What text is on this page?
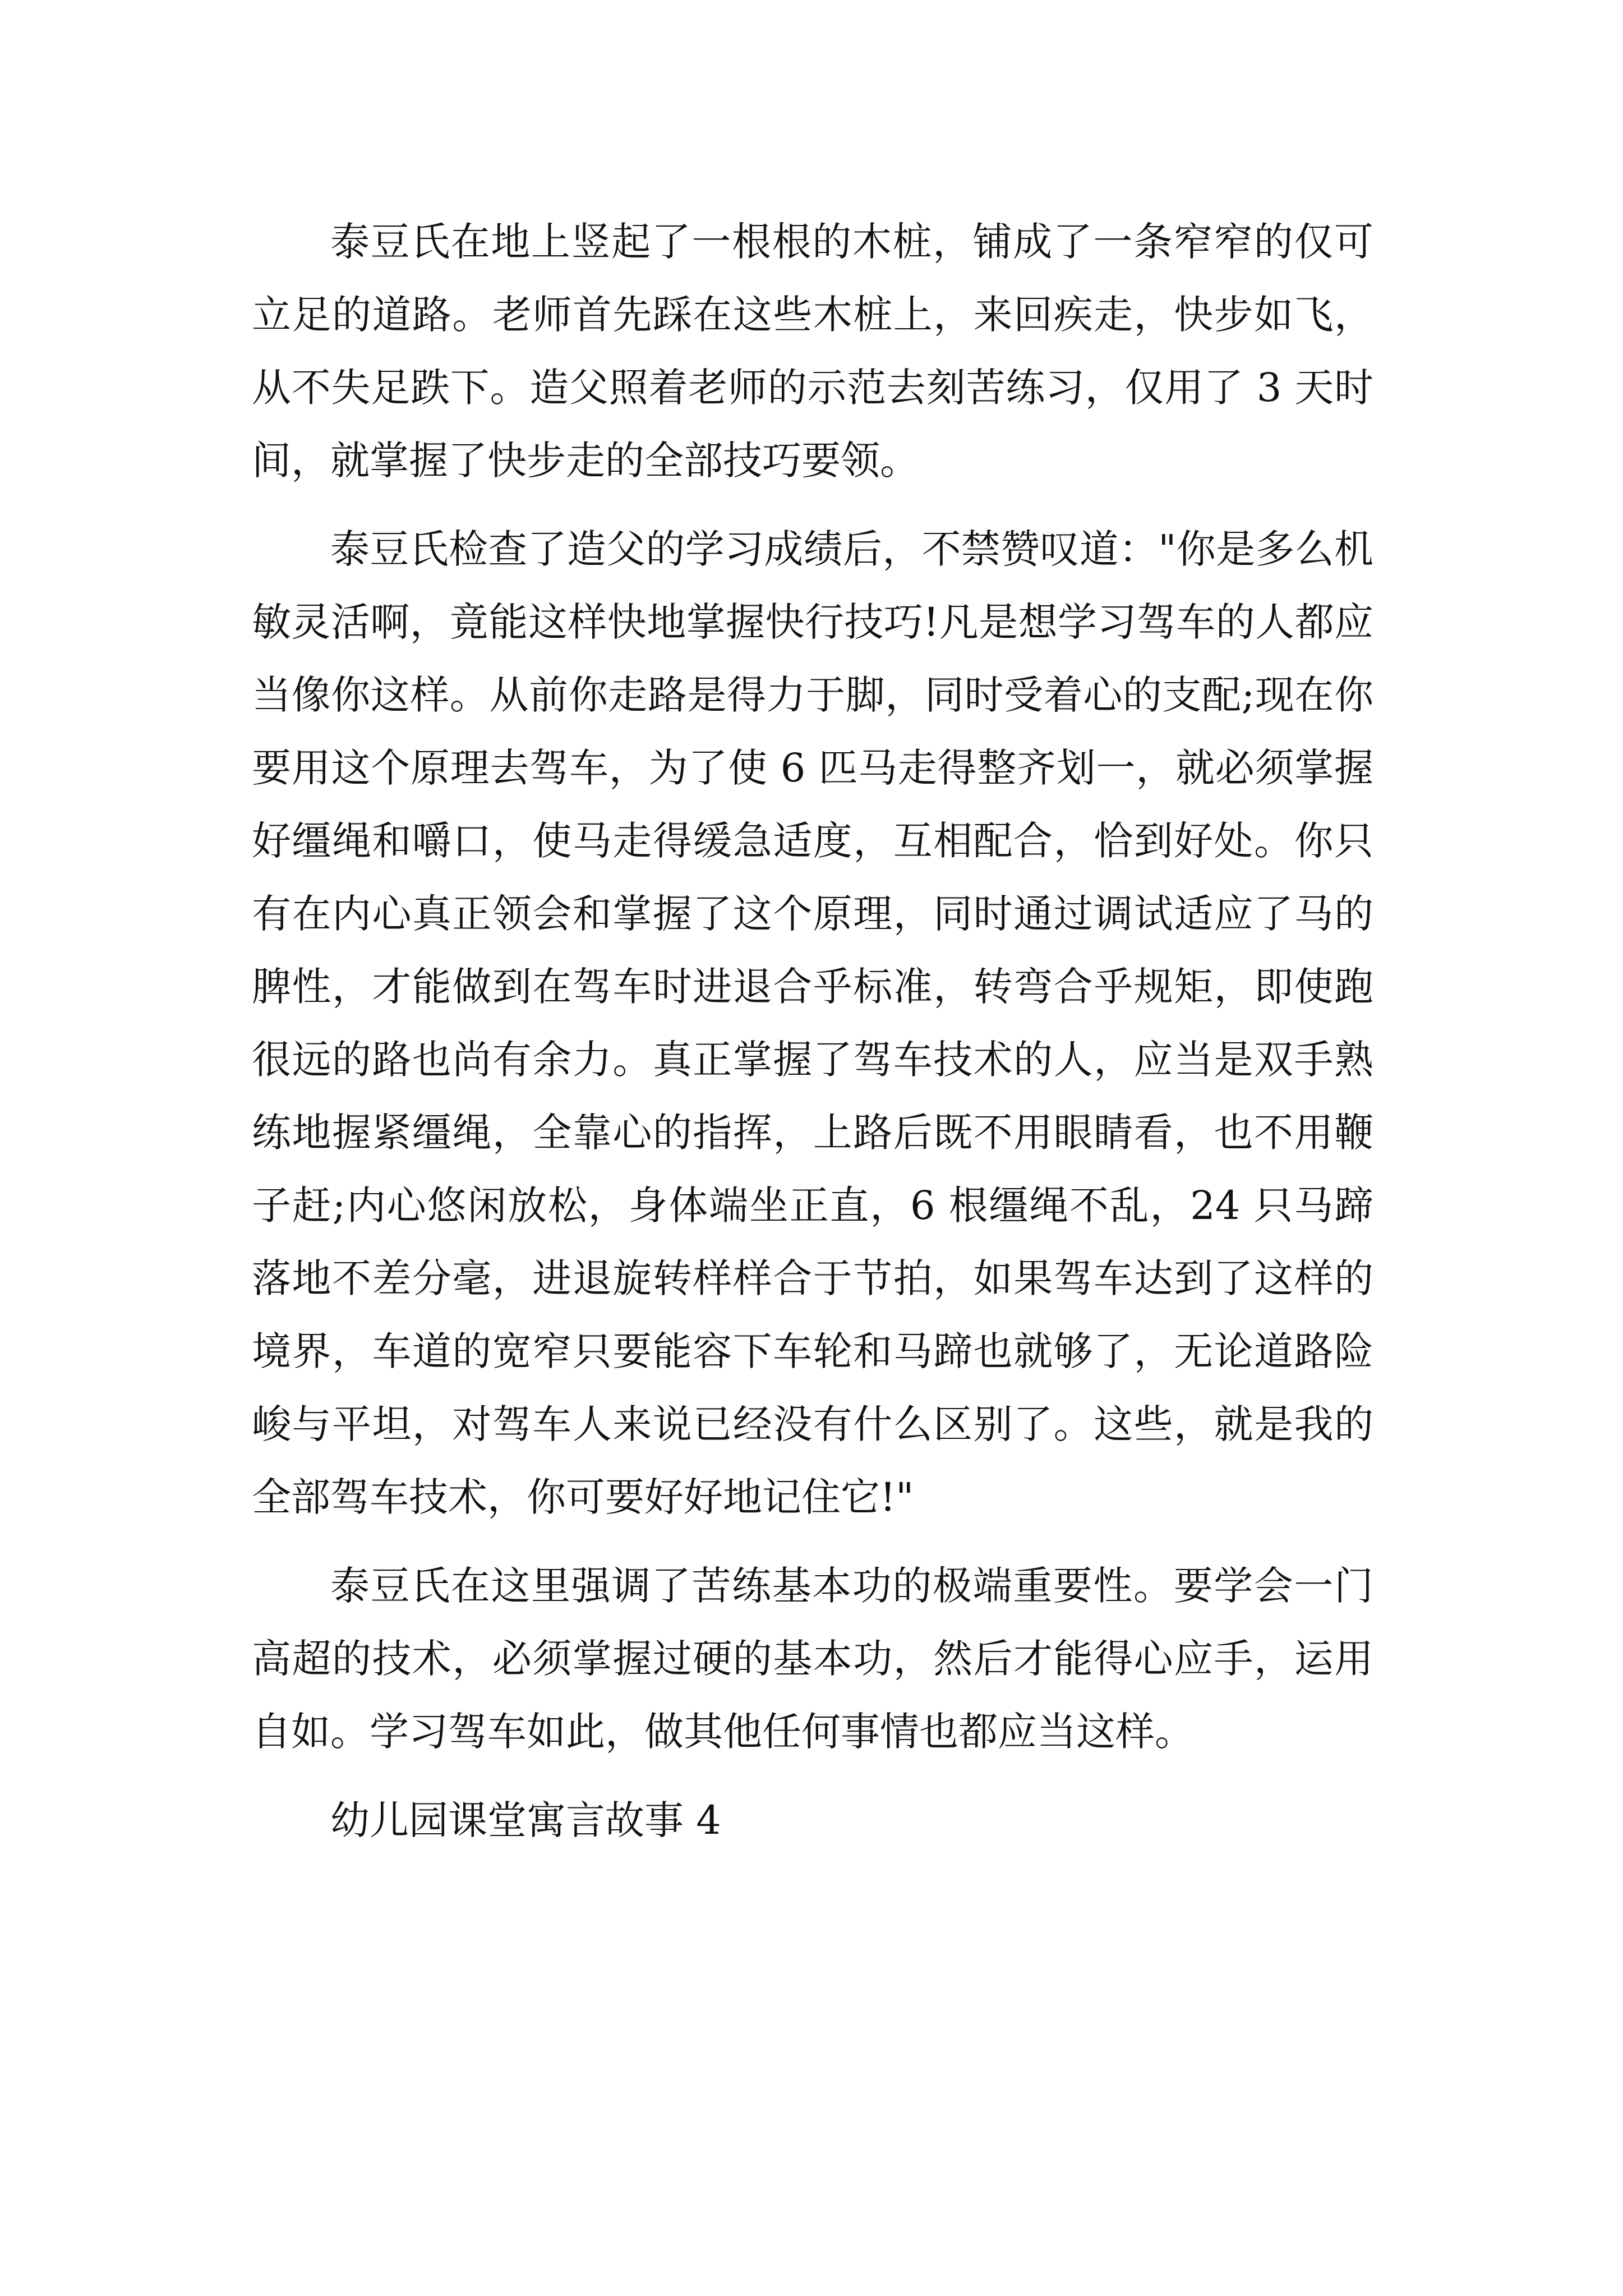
泰豆氏在地上竖起了一根根的木桩，铺成了一条窄窄的仅可立足的道路。老师首先踩在这些木桩上，来回疾走，快步如飞，从不失足跌下。造父照着老师的示范去刻苦练习，仅用了 3 天时间，就掌握了快步走的全部技巧要领。

泰豆氏检查了造父的学习成绩后，不禁赞叹道："你是多么机敏灵活啊，竟能这样快地掌握快行技巧!凡是想学习驾车的人都应当像你这样。从前你走路是得力于脚，同时受着心的支配;现在你要用这个原理去驾车，为了使 6 匹马走得整齐划一，就必须掌握好缰绳和嚼口，使马走得缓急适度，互相配合，恰到好处。你只有在内心真正领会和掌握了这个原理，同时通过调试适应了马的脾性，才能做到在驾车时进退合乎标准，转弯合乎规矩，即使跑很远的路也尚有余力。真正掌握了驾车技术的人，应当是双手熟练地握紧缰绳，全靠心的指挥，上路后既不用眼睛看，也不用鞭子赶;内心悠闲放松，身体端坐正直，6 根缰绳不乱，24 只马蹄落地不差分毫，进退旋转样样合于节拍，如果驾车达到了这样的境界，车道的宽窄只要能容下车轮和马蹄也就够了，无论道路险峻与平坦，对驾车人来说已经没有什么区别了。这些，就是我的全部驾车技术，你可要好好地记住它!"

泰豆氏在这里强调了苦练基本功的极端重要性。要学会一门高超的技术，必须掌握过硬的基本功，然后才能得心应手，运用自如。学习驾车如此，做其他任何事情也都应当这样。

幼儿园课堂寓言故事 4
